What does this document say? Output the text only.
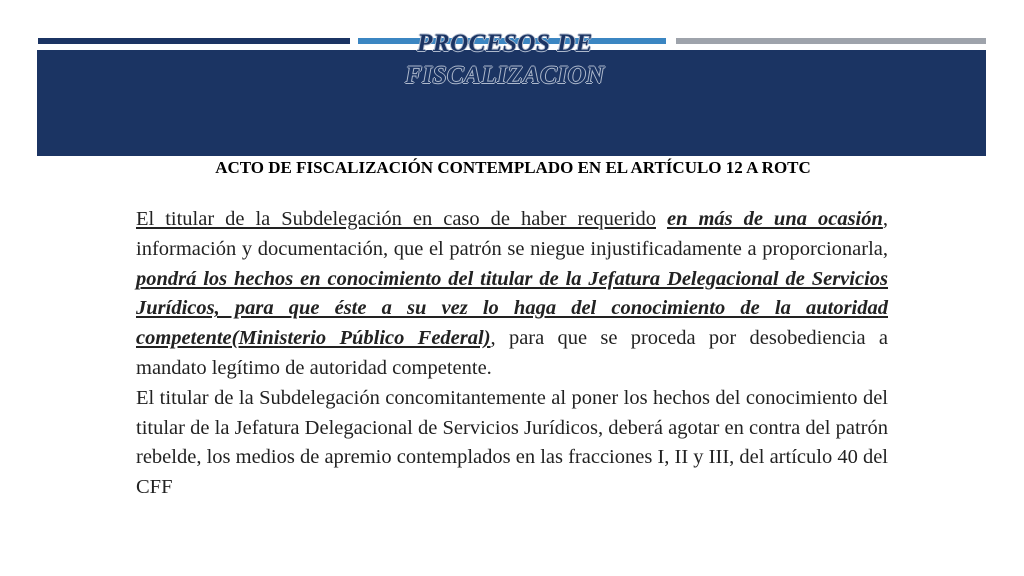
PROCESOS DE
FISCALIZACION
ACTO DE FISCALIZACIÓN CONTEMPLADO EN EL ARTÍCULO 12 A ROTC

El titular de la Subdelegación en caso de haber requerido en más de una ocasión, información y documentación, que el patrón se niegue injustificadamente a proporcionarla, pondrá los hechos en conocimiento del titular de la Jefatura Delegacional de Servicios Jurídicos, para que éste a su vez lo haga del conocimiento de la autoridad competente(Ministerio Público Federal), para que se proceda por desobediencia a mandato legítimo de autoridad competente.

El titular de la Subdelegación concomitantemente al poner los hechos del conocimiento del titular de la Jefatura Delegacional de Servicios Jurídicos, deberá agotar en contra del patrón rebelde, los medios de apremio contemplados en las fracciones I, II y III, del artículo 40 del CFF
